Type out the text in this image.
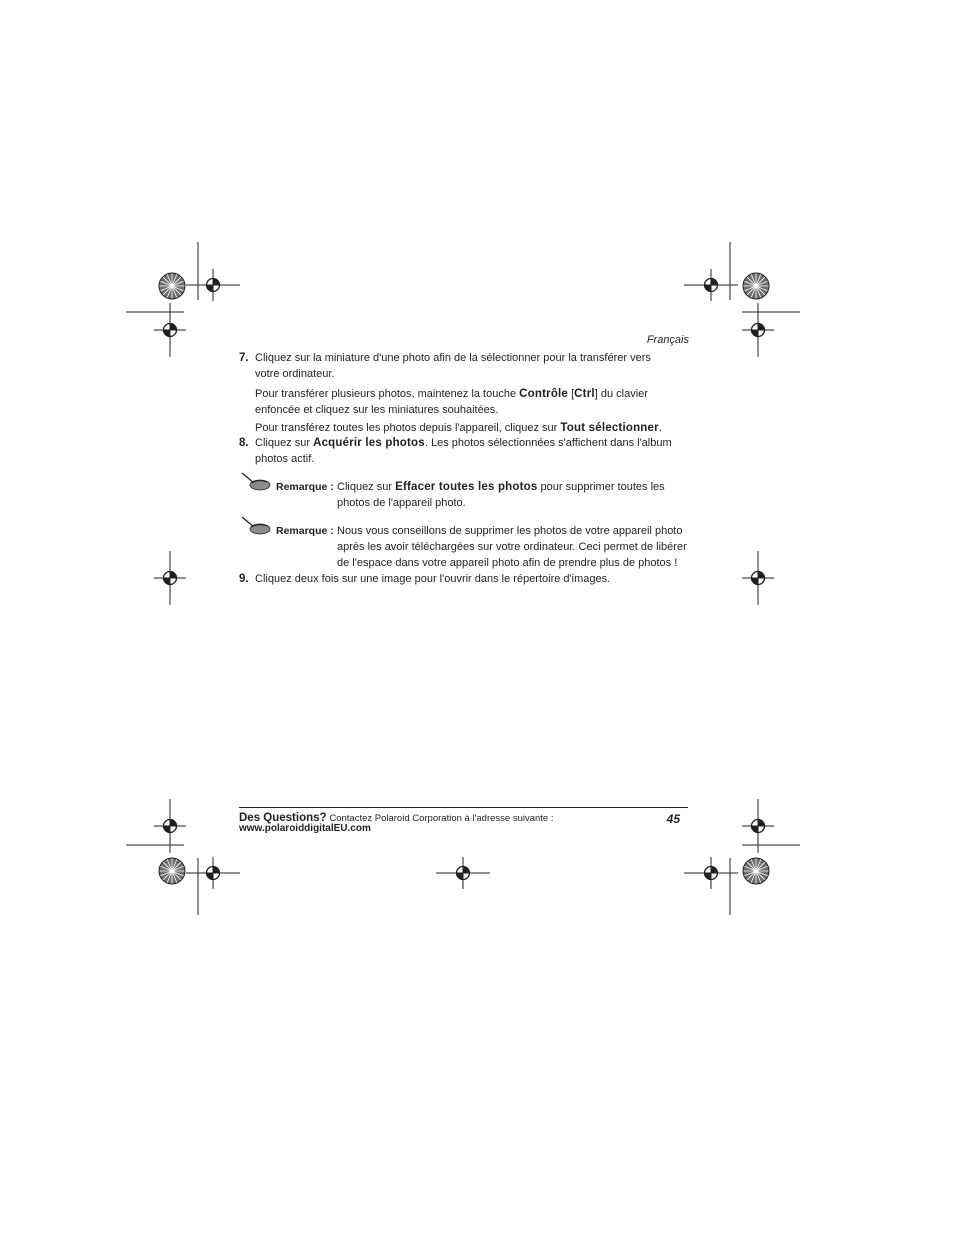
Français
7. Cliquez sur la miniature d'une photo afin de la sélectionner pour la transférer vers votre ordinateur.

Pour transférer plusieurs photos, maintenez la touche Contrôle [Ctrl] du clavier enfoncée et cliquez sur les miniatures souhaitées.

Pour transférez toutes les photos depuis l'appareil, cliquez sur Tout sélectionner.

8. Cliquez sur Acquérir les photos. Les photos sélectionnées s'affichent dans l'album photos actif.

Remarque : Cliquez sur Effacer toutes les photos pour supprimer toutes les photos de l'appareil photo.
Remarque : Nous vous conseillons de supprimer les photos de votre appareil photo après les avoir téléchargées sur votre ordinateur. Ceci permet de libérer de l'espace dans votre appareil photo afin de prendre plus de photos !
9. Cliquez deux fois sur une image pour l'ouvrir dans le répertoire d'images.

Des Questions? Contactez Polaroid Corporation à l'adresse suivante :
www.polaroiddigitalEU.com
45
